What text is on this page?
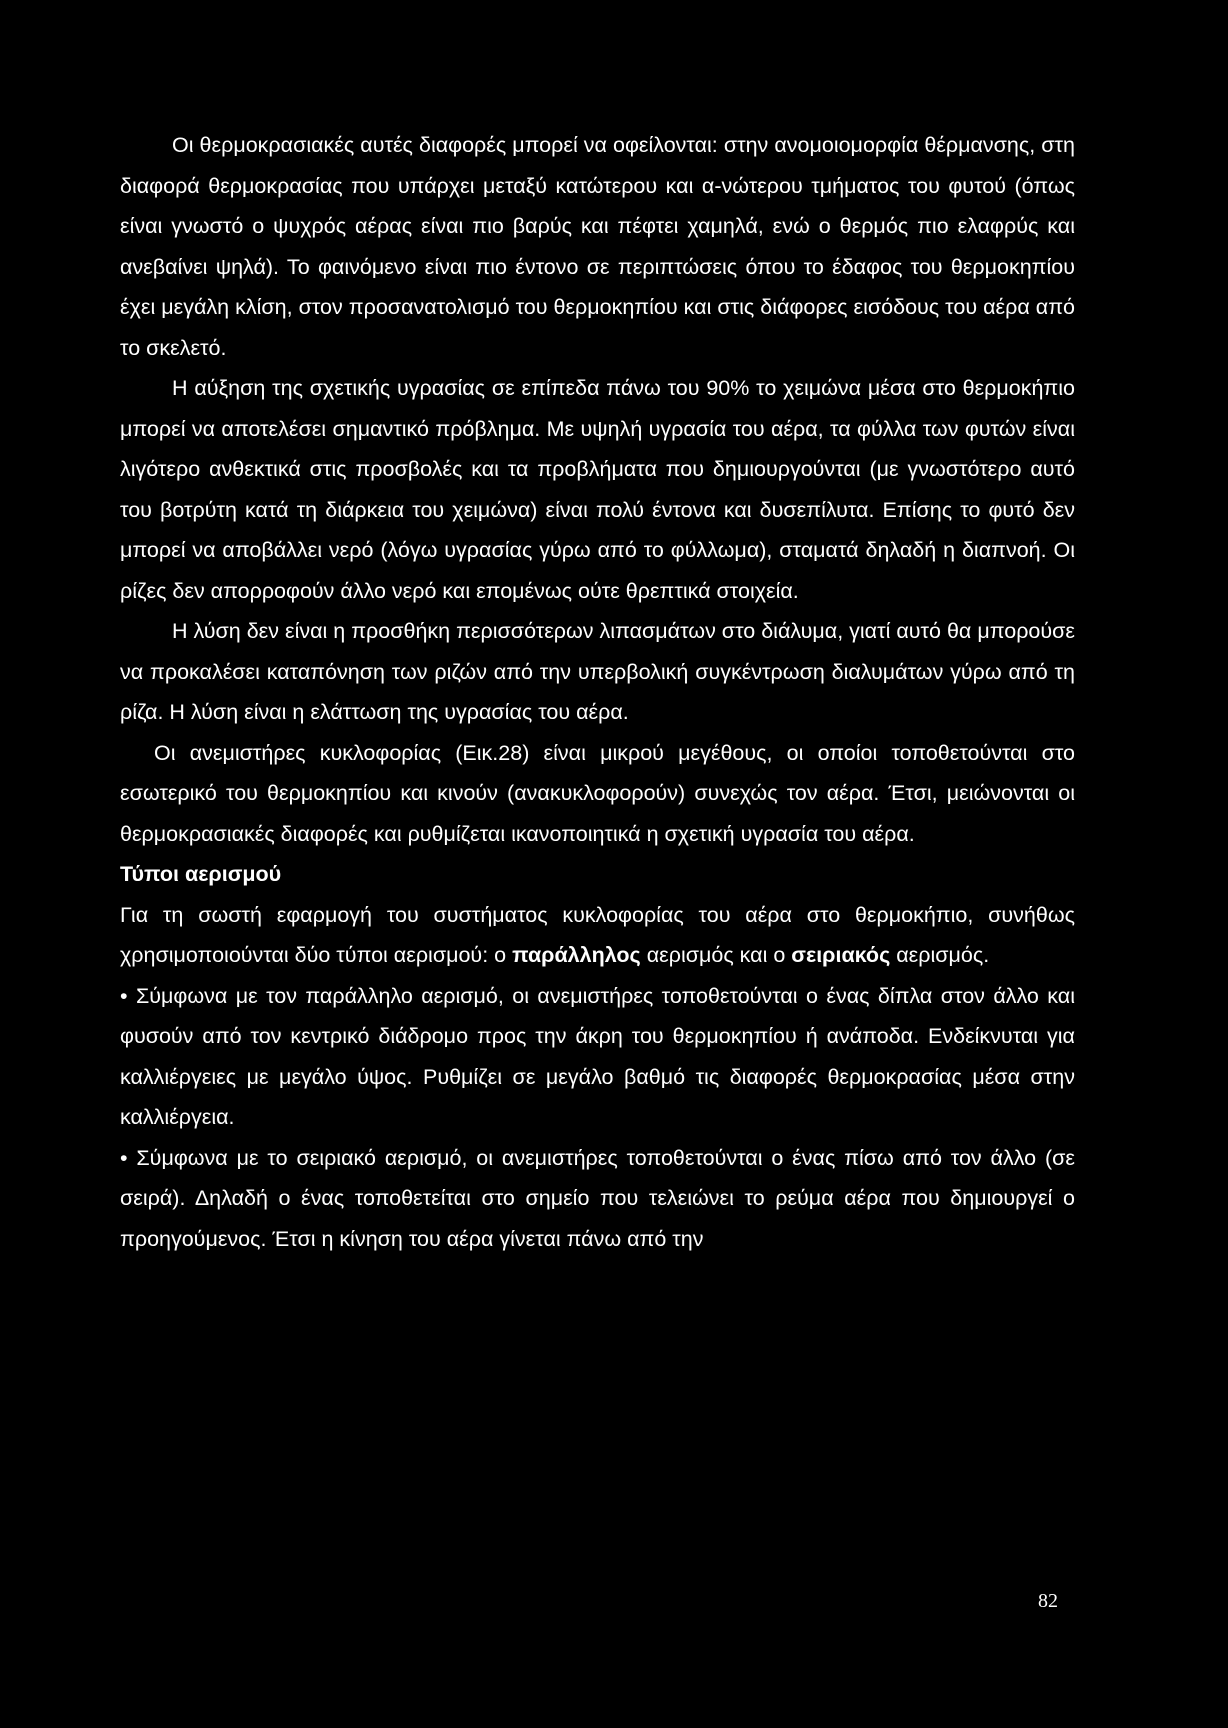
Οι θερμοκρασιακές αυτές διαφορές μπορεί να οφείλονται: στην ανομοιομορφία θέρμανσης, στη διαφορά θερμοκρασίας που υπάρχει μεταξύ κατώτερου και α-νώτερου τμήματος του φυτού (όπως είναι γνωστό ο ψυχρός αέρας είναι πιο βαρύς και πέφτει χαμηλά, ενώ ο θερμός πιο ελαφρύς και ανεβαίνει ψηλά). Το φαινόμενο είναι πιο έντονο σε περιπτώσεις όπου το έδαφος του θερμοκηπίου έχει μεγάλη κλίση, στον προσανατολισμό του θερμοκηπίου και στις διάφορες εισόδους του αέρα από το σκελετό.

Η αύξηση της σχετικής υγρασίας σε επίπεδα πάνω του 90% το χειμώνα μέσα στο θερμοκήπιο μπορεί να αποτελέσει σημαντικό πρόβλημα. Με υψηλή υγρασία του αέρα, τα φύλλα των φυτών είναι λιγότερο ανθεκτικά στις προσβολές και τα προβλήματα που δημιουργούνται (με γνωστότερο αυτό του βοτρύτη κατά τη διάρκεια του χειμώνα) είναι πολύ έντονα και δυσεπίλυτα. Επίσης το φυτό δεν μπορεί να αποβάλλει νερό (λόγω υγρασίας γύρω από το φύλλωμα), σταματά δηλαδή η διαπνοή. Οι ρίζες δεν απορροφούν άλλο νερό και επομένως ούτε θρεπτικά στοιχεία.

Η λύση δεν είναι η προσθήκη περισσότερων λιπασμάτων στο διάλυμα, γιατί αυτό θα μπορούσε να προκαλέσει καταπόνηση των ριζών από την υπερβολική συγκέντρωση διαλυμάτων γύρω από τη ρίζα. Η λύση είναι η ελάττωση της υγρασίας του αέρα.

Οι ανεμιστήρες κυκλοφορίας (Εικ.28) είναι μικρού μεγέθους, οι οποίοι τοποθετούνται στο εσωτερικό του θερμοκηπίου και κινούν (ανακυκλοφορούν) συνεχώς τον αέρα. Έτσι, μειώνονται οι θερμοκρασιακές διαφορές και ρυθμίζεται ικανοποιητικά η σχετική υγρασία του αέρα.

Τύποι αερισμού

Για τη σωστή εφαρμογή του συστήματος κυκλοφορίας του αέρα στο θερμοκήπιο, συνήθως χρησιμοποιούνται δύο τύποι αερισμού: ο παράλληλος αερισμός και ο σειριακός αερισμός.

• Σύμφωνα με τον παράλληλο αερισμό, οι ανεμιστήρες τοποθετούνται ο ένας δίπλα στον άλλο και φυσούν από τον κεντρικό διάδρομο προς την άκρη του θερμοκηπίου ή ανάποδα. Ενδείκνυται για καλλιέργειες με μεγάλο ύψος. Ρυθμίζει σε μεγάλο βαθμό τις διαφορές θερμοκρασίας μέσα στην καλλιέργεια.

• Σύμφωνα με το σειριακό αερισμό, οι ανεμιστήρες τοποθετούνται ο ένας πίσω από τον άλλο (σε σειρά). Δηλαδή ο ένας τοποθετείται στο σημείο που τελειώνει το ρεύμα αέρα που δημιουργεί ο προηγούμενος. Έτσι η κίνηση του αέρα γίνεται πάνω από την

82
